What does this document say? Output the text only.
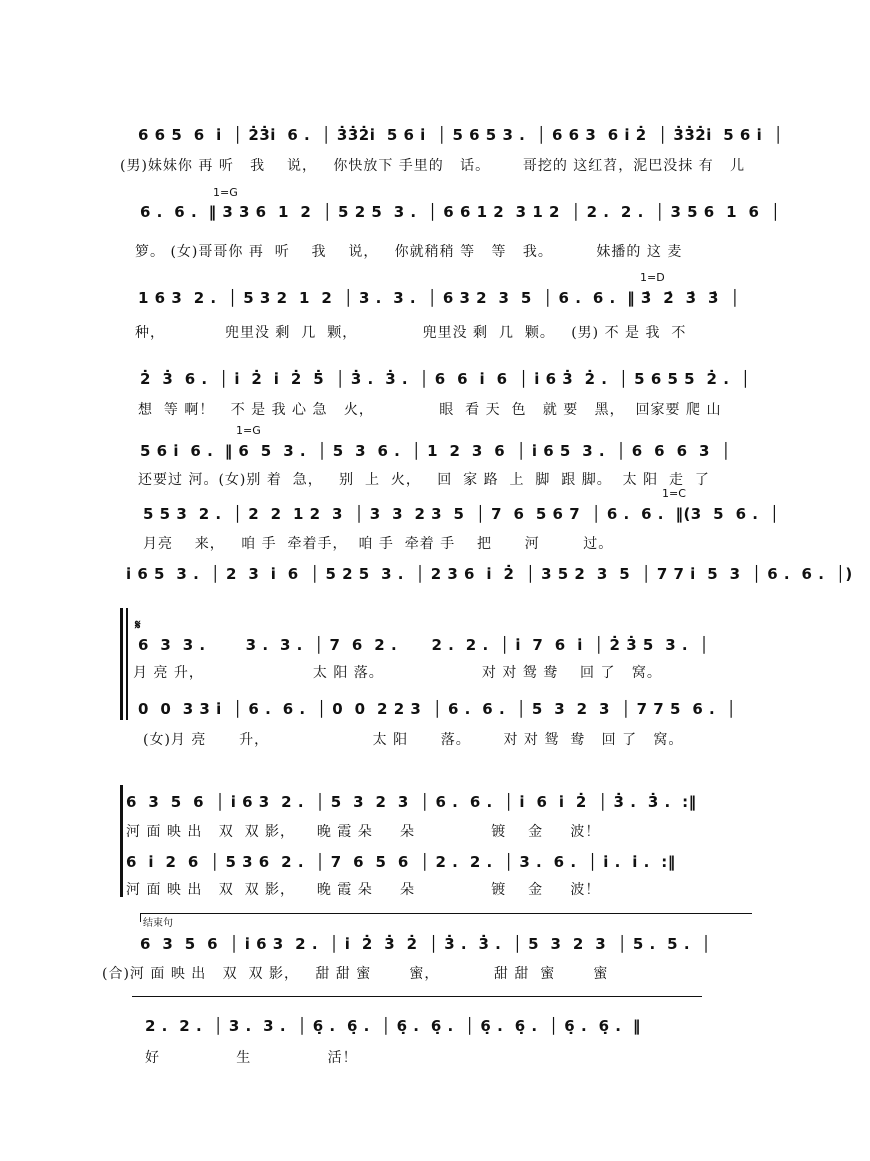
6 6 5  6  i̇  │ 2̇3̇i̇  6 .  │ 3̇3̇2̇i̇  5 6 i̇  │ 5 6 5 3 .  │ 6 6 3  6 i̇ 2̇  │ 3̇3̇2̇i̇  5 6 i̇  │
(男)妹妹你 再 听   我    说，   你快放下 手里的   话。      哥挖的 这红苕，泥巴没抹 有   儿
1=G
6 .  6 .  ‖ 3 3 6  1  2  │ 5 2 5  3 .  │ 6 6 1 2  3 1 2  │ 2 .  2 .  │ 3 5 6  1  6  │
箩。 (女)哥哥你 再  听    我    说，   你就稍稍 等   等   我。        妹播的 这 麦
1=D
1 6 3  2 .  │ 5 3 2  1  2  │ 3 .  3 .  │ 6 3 2  3  5  │ 6 .  6 .  ‖ 3̇  2̇  3̇  3̇  │
种，           兜里没 剩  几  颗，            兜里没 剩  几  颗。   (男) 不 是 我  不
2̇  3̇  6 .  │ i̇  2̇  i̇  2̇  5̇  │ 3̇ .  3̇ .  │ 6  6  i̇  6  │ i̇ 6 3̇  2̇ .  │ 5 6 5 5  2̇ .  │
想  等 啊！   不 是 我 心 急   火，            眼  看 天  色   就 要   黑，  回家要 爬 山
1=G
5 6 i̇  6 .  ‖ 6  5  3 .  │ 5  3  6 .  │ 1  2  3  6  │ i̇ 6 5  3 .  │ 6  6  6  3  │
还要过 河。(女)别 着  急，   别  上  火，   回  家 路  上  脚  跟 脚。  太 阳  走  了
1=C
5 5 3  2 .  │ 2  2  1 2  3  │ 3  3  2 3  5  │ 7  6  5 6 7  │ 6 .  6 .  ‖(3  5  6 .  │
月亮    来，   咱 手  牵着手，  咱 手  牵着 手    把      河        过。
i̇ 6 5  3 .  │ 2  3  i̇  6  │ 5 2 5  3 .  │ 2 3 6  i̇  2̇  │ 3 5 2  3  5  │ 7 7 i̇  5  3  │ 6 .  6 .  │)
𝄋
6  3  3 .       3 .  3 .  │ 7  6  2 .      2 .  2 .  │ i̇  7  6  i̇  │ 2̇ 3̇ 5  3 .  │
月 亮 升，                    太 阳 落。                  对 对 鸳 鸯    回 了   窝。
0  0  3 3 i̇  │ 6 .  6 .  │ 0  0  2 2 3  │ 6 .  6 .  │ 5  3  2  3  │ 7 7 5  6 .  │
(女)月 亮      升，                   太 阳      落。      对 对 鸳  鸯   回 了   窝。
6  3  5  6  │ i̇ 6 3  2 .  │ 5  3  2  3  │ 6 .  6 .  │ i̇  6  i̇  2̇  │ 3̇ .  3̇ .  :‖
河 面 映 出   双  双 影，    晚 霞 朵     朵              镀    金     波！
6  i̇  2  6  │ 5 3 6  2 .  │ 7  6  5  6  │ 2 .  2 .  │ 3 .  6 .  │ i̇ .  i̇ .  :‖
河 面 映 出   双  双 影，    晚 霞 朵     朵              镀    金     波！
结束句
6  3  5  6  │ i̇ 6 3  2 .  │ i̇  2̇  3̇  2̇  │ 3̇ .  3̇ .  │ 5  3  2  3  │ 5 .  5 .  │
(合)河 面 映 出   双  双 影，   甜 甜 蜜       蜜，          甜 甜  蜜       蜜
2 .  2 .  │ 3 .  3 .  │ 6̣ .  6̣ .  │ 6̣ .  6̣ .  │ 6̣ .  6̣ .  │ 6̣ .  6̣ .  ‖
好              生              活！
